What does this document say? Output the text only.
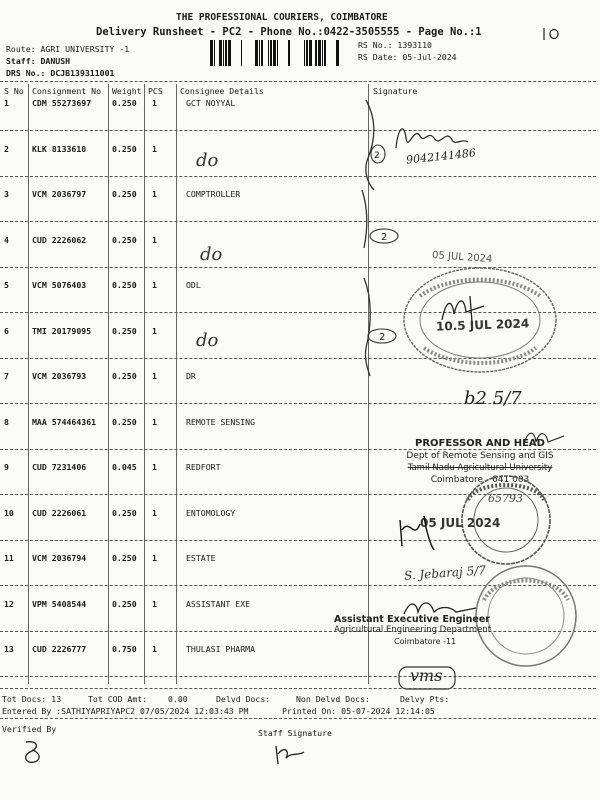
THE PROFESSIONAL COURIERS, COIMBATORE
Delivery Runsheet - PC2 - Phone No.:0422-3505555 - Page No.:1
Route: AGRI UNIVERSITY -1
Staff: DANUSH
DRS No.: DCJB139311001
RS No.: 1393110
RS Date: 05-Jul-2024
S No Consignment No Weight PCS Consignee Details	Signature
1	CDM 55273697	0.250 1	GCT NOYYAL
2	KLK 8133610	0.250 1
3	VCM 2036797	0.250 1	COMPTROLLER
4	CUD 2226062	0.250 1
5	VCM 5076403	0.250 1	ODL
6	TMI 20179095	0.250 1
7	VCM 2036793	0.250 1	DR
8	MAA 574464361 0.250 1	REMOTE SENSING
9	CUD 7231406	0.045 1	REDFORT
10 CUD 2226061	0.250 1	ENTOMOLOGY
11 VCM 2036794	0.250 1	ESTATE
12 VPM 5408544	0.250 1	ASSISTANT EXE
13 CUD 2226777	0.750 1	THULASI PHARMA
2 9042141486
do
do
do
2
2
10.5 JUL 2024
05 JUL 2024
b2 5/7
PROFESSOR AND HEAD
Dept of Remote Sensing and GIS
Tamil Nadu Agricultural University
Coimbatore - 641 003
65793
05 JUL 2024
S. Jebaraj 5/7
Assistant Executive Engineer
Agricultural Engineering Department
Coimbatore -11
vms
Tot Docs: 13	Tot COD Amt:	0.00	Delvd Docs:	Non Delvd Docs:	Delvy Pts:
Entered By :SATHIYAPRIYAPC2 07/05/2024 12:03:43 PM	Printed On: 05-07-2024 12:14:05
Verified By	Staff Signature
